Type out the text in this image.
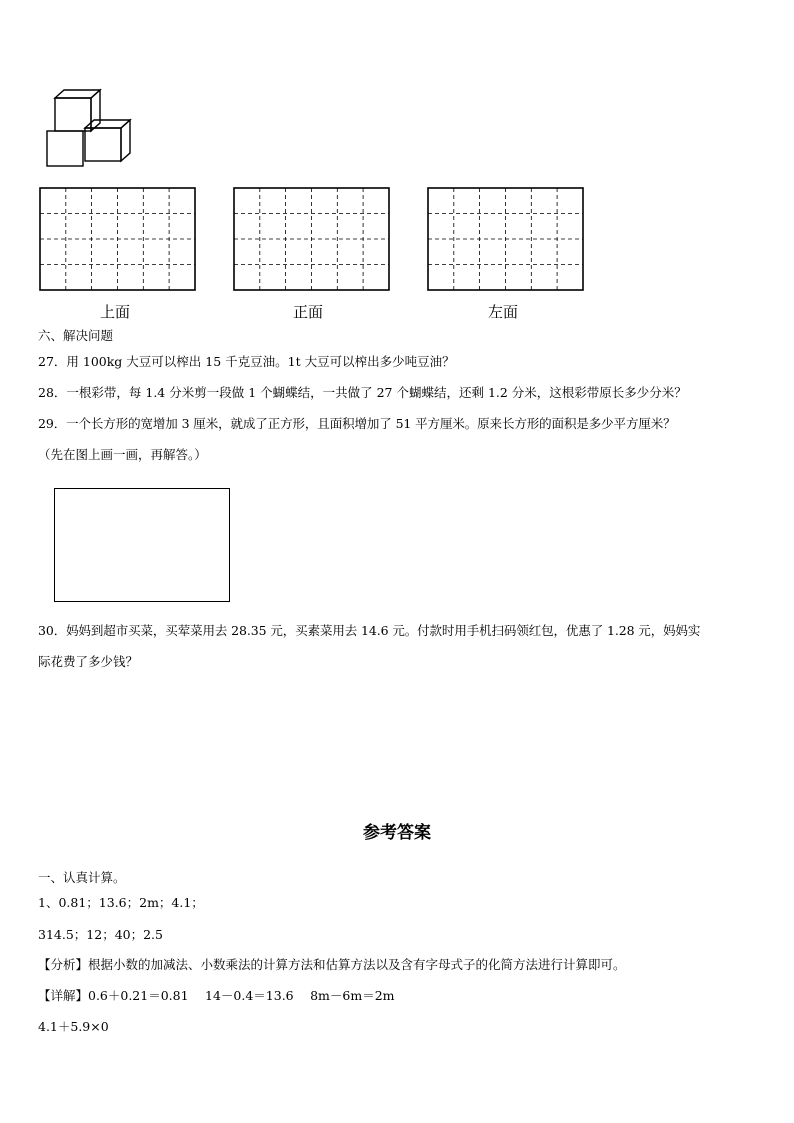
上面	正面	左面
六、解决问题
27．用 100kg 大豆可以榨出 15 千克豆油。1t 大豆可以榨出多少吨豆油？
28．一根彩带，每 1.4 分米剪一段做 1 个蝴蝶结，一共做了 27 个蝴蝶结，还剩 1.2 分米，这根彩带原长多少分米？
29．一个长方形的宽增加 3 厘米，就成了正方形，且面积增加了 51 平方厘米。原来长方形的面积是多少平方厘米？
（先在图上画一画，再解答。）
30．妈妈到超市买菜，买荤菜用去 28.35 元，买素菜用去 14.6 元。付款时用手机扫码领红包，优惠了 1.28 元，妈妈实
际花费了多少钱？
参考答案
一、认真计算。
1、0.81；13.6；2m；4.1；
314.5；12；40；2.5
【分析】根据小数的加减法、小数乘法的计算方法和估算方法以及含有字母式子的化简方法进行计算即可。
【详解】0.6＋0.21＝0.81　 14－0.4＝13.6　 8m－6m＝2m
4.1＋5.9×0
